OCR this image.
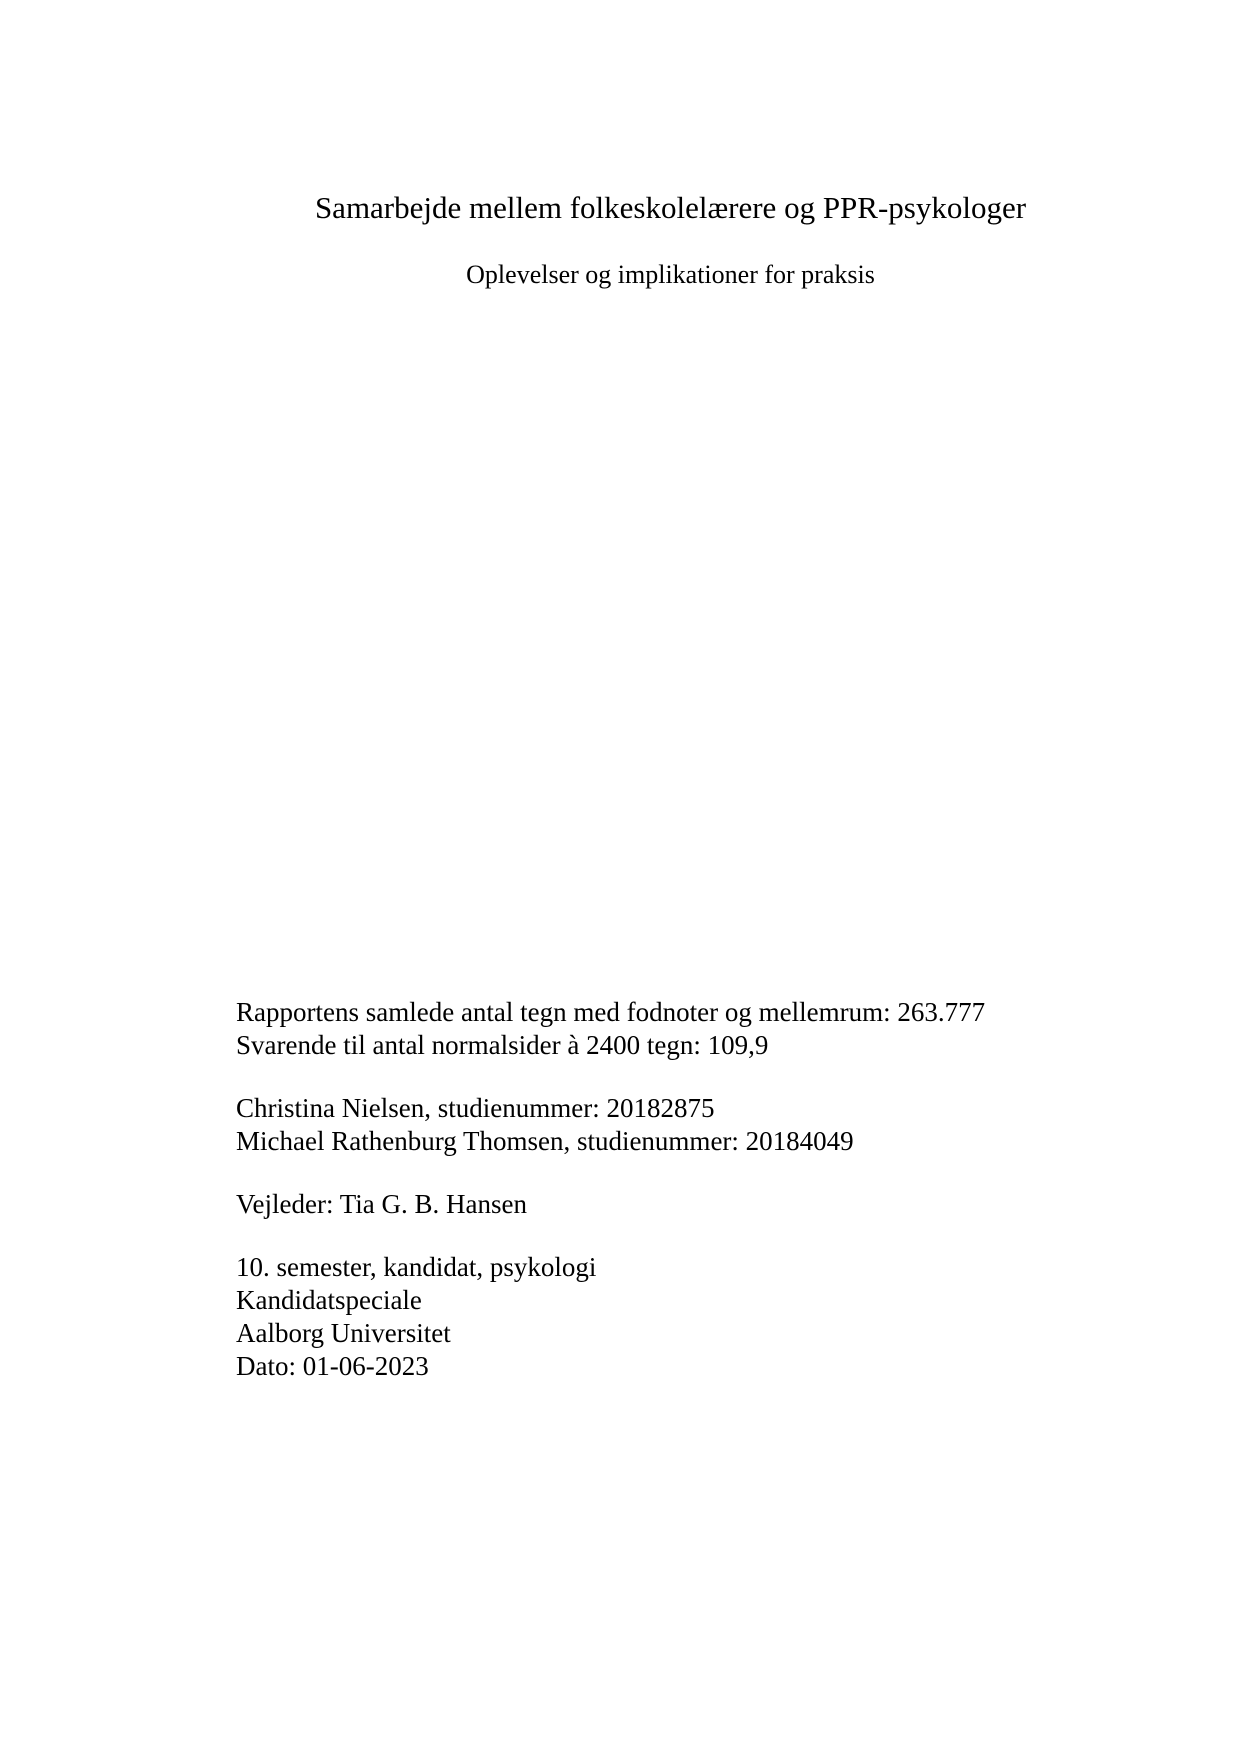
Samarbejde mellem folkeskolelærere og PPR-psykologer
Oplevelser og implikationer for praksis
Rapportens samlede antal tegn med fodnoter og mellemrum: 263.777
Svarende til antal normalsider à 2400 tegn: 109,9
Christina Nielsen, studienummer: 20182875
Michael Rathenburg Thomsen, studienummer: 20184049
Vejleder: Tia G. B. Hansen
10. semester, kandidat, psykologi
Kandidatspeciale
Aalborg Universitet
Dato: 01-06-2023
